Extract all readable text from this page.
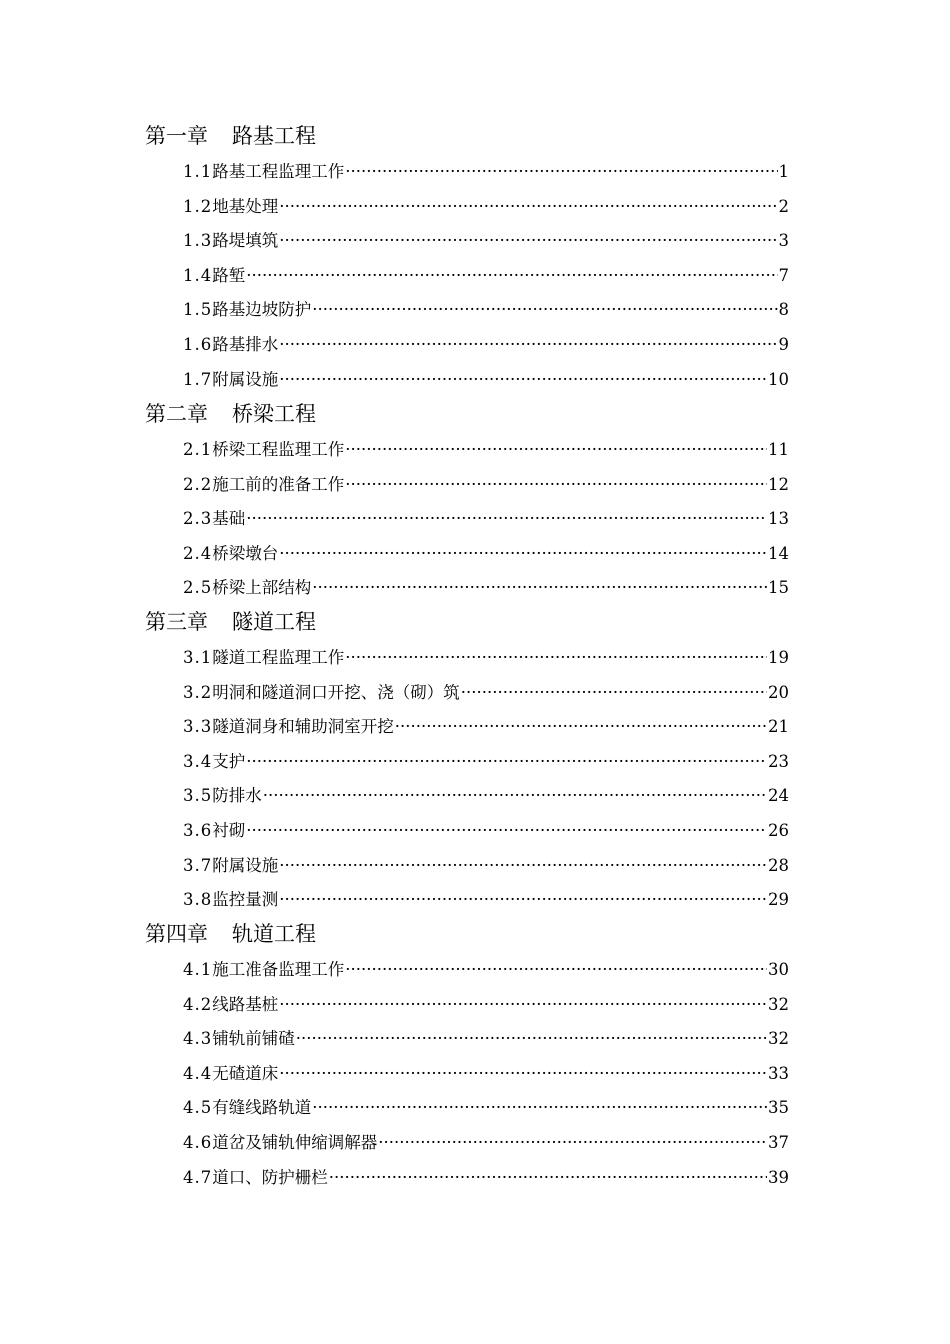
第一章 路基工程
1.1 路基工程监理工作 ·····	1
1.2 地基处理 ·····	2
1.3 路堤填筑 ·····	3
1.4 路堑 ·····	7
1.5 路基边坡防护 ·····	8
1.6 路基排水 ·····	9
1.7 附属设施 ·····	10
第二章 桥梁工程
2.1 桥梁工程监理工作 ·····	11
2.2 施工前的准备工作 ·····	12
2.3 基础 ·····	13
2.4 桥梁墩台 ·····	14
2.5 桥梁上部结构 ·····	15
第三章 隧道工程
3.1 隧道工程监理工作 ·····	19
3.2 明洞和隧道洞口开挖、浇（砌）筑 ·····	20
3.3 隧道洞身和辅助洞室开挖 ·····	21
3.4 支护 ·····	23
3.5 防排水 ·····	24
3.6 衬砌 ·····	26
3.7 附属设施 ·····	28
3.8 监控量测 ·····	29
第四章 轨道工程
4.1 施工准备监理工作 ·····	30
4.2 线路基桩 ·····	32
4.3 铺轨前铺碴 ·····	32
4.4 无碴道床 ·····	33
4.5 有缝线路轨道 ·····	35
4.6 道岔及铺轨伸缩调解器 ·····	37
4.7 道口、防护栅栏 ·····	39
